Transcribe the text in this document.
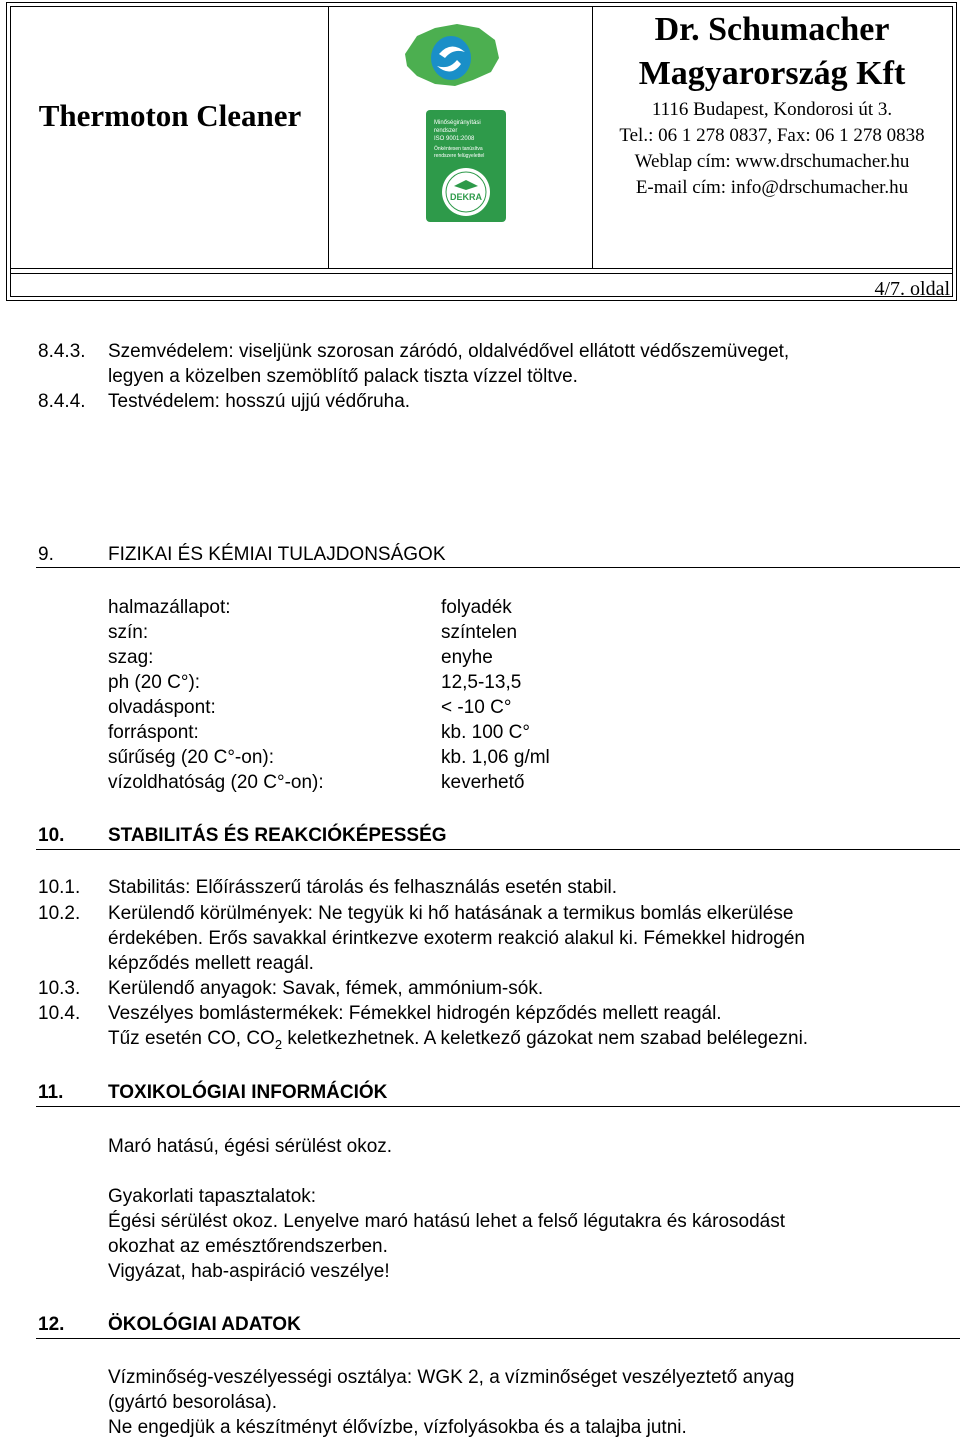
Thermoton Cleaner	Minőségirányítási
rendszer
ISO 9001:2008
Önkéntesen tanúsítva
rendszere felügyelettel
DEKRA
Dr. Schumacher
Magyarország Kft
1116 Budapest, Kondorosi út 3.
Tel.: 06 1 278 0837, Fax: 06 1 278 0838
Weblap cím: www.drschumacher.hu
E-mail cím: info@drschumacher.hu
4/7. oldal
8.4.3. Szemvédelem: viseljünk szorosan záródó, oldalvédővel ellátott védőszemüveget,
legyen a közelben szemöblítő palack tiszta vízzel töltve.
8.4.4. Testvédelem: hosszú ujjú védőruha.
9.	FIZIKAI ÉS KÉMIAI TULAJDONSÁGOK
halmazállapot:	folyadék
szín:	színtelen
szag:	enyhe
ph (20 C°):	12,5-13,5
olvadáspont:	< -10 C°
forráspont:	kb. 100 C°
sűrűség (20 C°-on):	kb. 1,06 g/ml
vízoldhatóság (20 C°-on):	keverhető
10. STABILITÁS ÉS REAKCIÓKÉPESSÉG
10.1. Stabilitás: Előírásszerű tárolás és felhasználás esetén stabil.
10.2. Kerülendő körülmények: Ne tegyük ki hő hatásának a termikus bomlás elkerülése
érdekében. Erős savakkal érintkezve exoterm reakció alakul ki. Fémekkel hidrogén
képződés mellett reagál.
10.3. Kerülendő anyagok: Savak, fémek, ammónium-sók.
10.4. Veszélyes bomlástermékek: Fémekkel hidrogén képződés mellett reagál.
Tűz esetén CO, $CO_2$ keletkezhetnek. A keletkező gázokat nem szabad belélegezni.
11. TOXIKOLÓGIAI INFORMÁCIÓK
Maró hatású, égési sérülést okoz.
Gyakorlati tapasztalatok:
Égési sérülést okoz. Lenyelve maró hatású lehet a felső légutakra és károsodást
okozhat az emésztőrendszerben.
Vigyázat, hab-aspiráció veszélye!
12. ÖKOLÓGIAI ADATOK
Vízminőség-veszélyességi osztálya: WGK 2, a vízminőséget veszélyeztető anyag
(gyártó besorolása).
Ne engedjük a készítményt élővízbe, vízfolyásokba és a talajba jutni.
